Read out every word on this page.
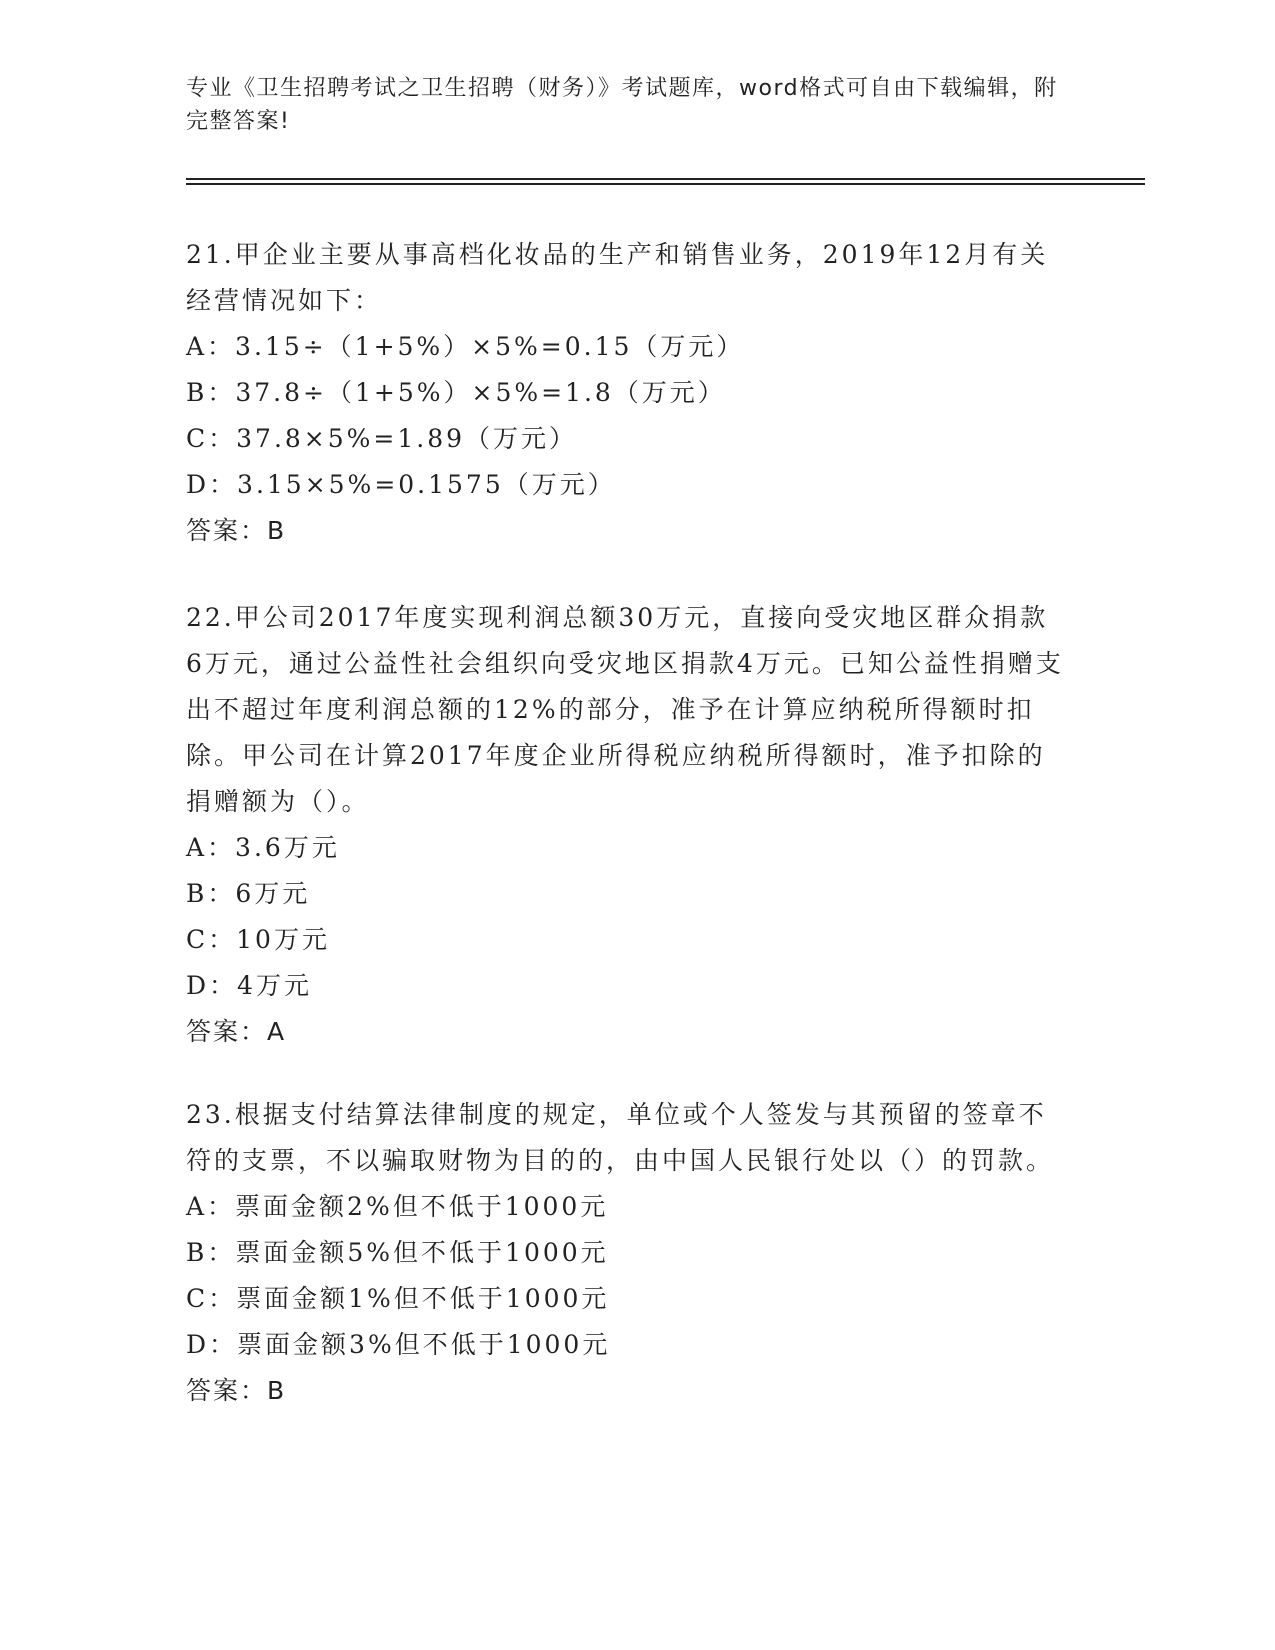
专业《卫生招聘考试之卫生招聘（财务）》考试题库，word格式可自由下载编辑，附完整答案!

21.甲企业主要从事高档化妆品的生产和销售业务，2019年12月有关经营情况如下：

A：3.15÷（1+5%）×5%=0.15（万元）
B：37.8÷（1+5%）×5%=1.8（万元）
C：37.8×5%=1.89（万元）
D：3.15×5%=0.1575（万元）
答案：B

22.甲公司2017年度实现利润总额30万元，直接向受灾地区群众捐款6万元，通过公益性社会组织向受灾地区捐款4万元。已知公益性捐赠支出不超过年度利润总额的12%的部分，准予在计算应纳税所得额时扣除。甲公司在计算2017年度企业所得税应纳税所得额时，准予扣除的捐赠额为（）。

A：3.6万元
B：6万元
C：10万元
D：4万元
答案：A

23.根据支付结算法律制度的规定，单位或个人签发与其预留的签章不符的支票，不以骗取财物为目的的，由中国人民银行处以（）的罚款。

A：票面金额2%但不低于1000元
B：票面金额5%但不低于1000元
C：票面金额1%但不低于1000元
D：票面金额3%但不低于1000元
答案：B
